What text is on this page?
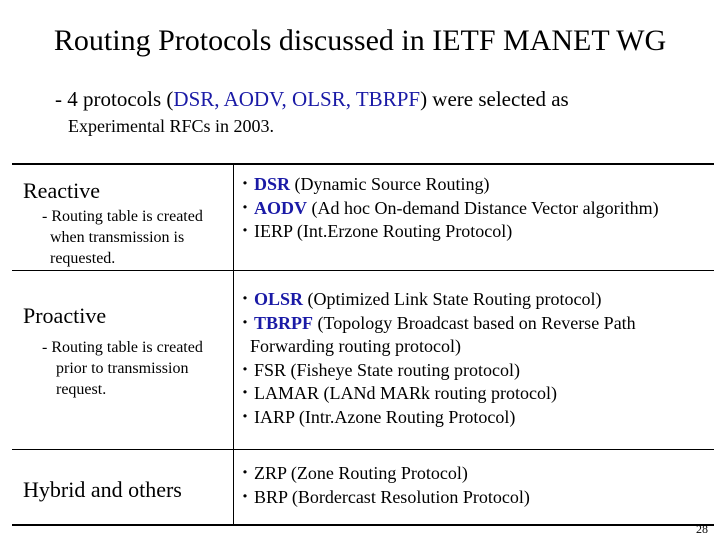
Routing Protocols discussed in IETF MANET WG
- 4 protocols (DSR, AODV, OLSR, TBRPF) were selected as
Experimental RFCs in 2003.
Reactive
- Routing table is created
when transmission is
requested.
・DSR (Dynamic Source Routing)
・AODV (Ad hoc On-demand Distance Vector algorithm)
・IERP (Int.Erzone Routing Protocol)
Proactive
- Routing table is created
prior to transmission
request.
・OLSR (Optimized Link State Routing protocol)
・TBRPF (Topology Broadcast based on Reverse Path
Forwarding routing protocol)
・FSR (Fisheye State routing protocol)
・LAMAR (LANd MARk routing protocol)
・IARP (Intr.Azone Routing Protocol)
Hybrid and others
・ZRP (Zone Routing Protocol)
・BRP (Bordercast Resolution Protocol)
28
